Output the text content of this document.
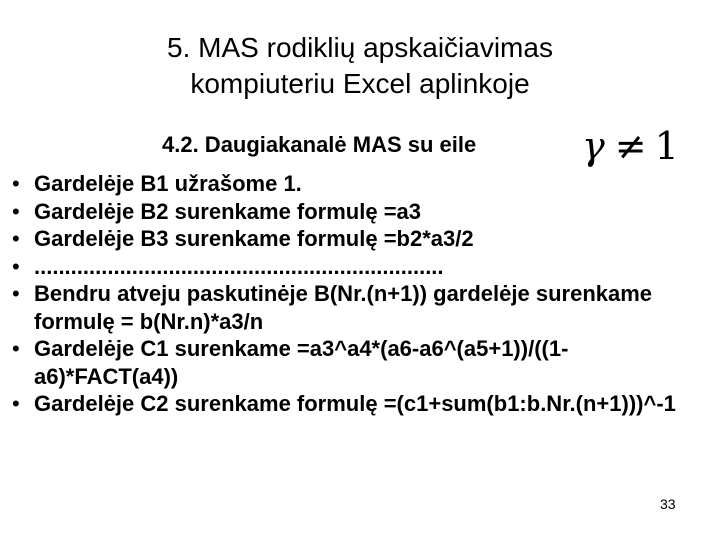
5. MAS rodiklių apskaičiavimas
kompiuteriu Excel aplinkoje
4.2. Daugiakanalė MAS su eile	γ ≠ 1
• Gardelėje B1 užrašome 1.
• Gardelėje B2 surenkame formulę =a3
• Gardelėje B3 surenkame formulę =b2*a3/2
• ...................................................................
• Bendru atveju paskutinėje B(Nr.(n+1)) gardelėje surenkame formulę = b(Nr.n)*a3/n
• Gardelėje C1 surenkame =a3^a4*(a6-a6^(a5+1))/((1-a6)*FACT(a4))
• Gardelėje C2 surenkame formulę =(c1+sum(b1:b.Nr.(n+1)))^-1
33
